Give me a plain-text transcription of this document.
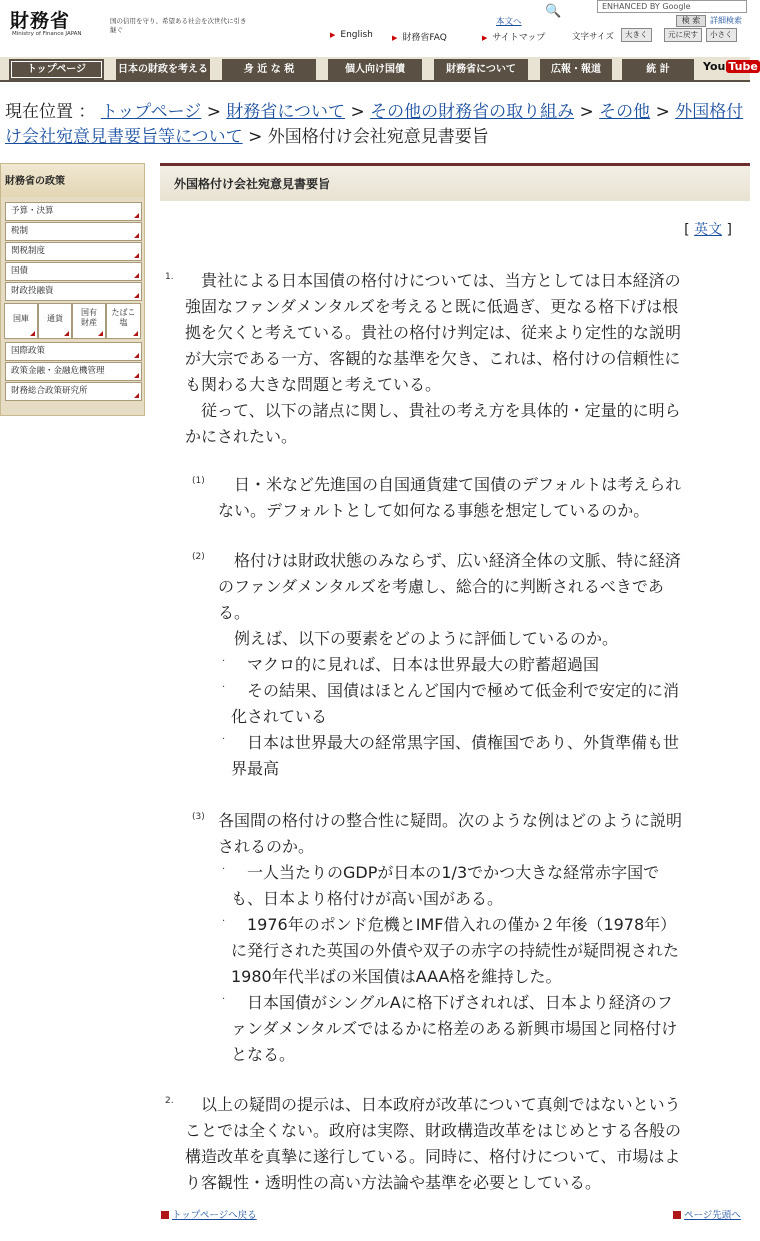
財務省
Ministry of Finance JAPAN
国の信用を守り、希望ある社会を次世代に引き継ぐ
本文へ
🔍	ENHANCED BY Google
検 索	詳細検索
▶ English	▶ 財務省FAQ	▶ サイトマップ	文字サイズ	大きく	元に戻す	小さく
トップページ	日本の財政を考える	身 近 な 税	個人向け国債	財務省について	広報・報道	統 計	You Tube
現在位置 ： トップページ > 財務省について > その他の財務省の取り組み > その他 > 外国格付け会社宛意見書要旨等について > 外国格付け会社宛意見書要旨
財務省の政策
予算・決算
税制
関税制度
国債
財政投融資
国際政策
政策金融・金融危機管理
財務総合政策研究所
国庫	通貨
国有
財産
たばこ
塩
外国格付け会社宛意見書要旨
[ 英文 ]
1. 　貴社による日本国債の格付けについては、当方としては日本経済の
強固なファンダメンタルズを考えると既に低過ぎ、更なる格下げは根
拠を欠くと考えている。貴社の格付け判定は、従来より定性的な説明
が大宗である一方、客観的な基準を欠き、これは、格付けの信頼性に
も関わる大きな問題と考えている。
　従って、以下の諸点に関し、貴社の考え方を具体的・定量的に明ら
かにされたい。
(1) 　日・米など先進国の自国通貨建て国債のデフォルトは考えられ
ない。デフォルトとして如何なる事態を想定しているのか。
(2) 　格付けは財政状態のみならず、広い経済全体の文脈、特に経済
のファンダメンタルズを考慮し、総合的に判断されるべきであ
る。
　例えば、以下の要素をどのように評価しているのか。
· 　マクロ的に見れば、日本は世界最大の貯蓄超過国
· 　その結果、国債はほとんど国内で極めて低金利で安定的に消
化されている
· 　日本は世界最大の経常黒字国、債権国であり、外貨準備も世
界最高
(3) 各国間の格付けの整合性に疑問。次のような例はどのように説明
されるのか。
· 　一人当たりのGDPが日本の1/3でかつ大きな経常赤字国で
も、日本より格付けが高い国がある。
· 　1976年のポンド危機とIMF借入れの僅か２年後（1978年）
に発行された英国の外債や双子の赤字の持続性が疑問視された
1980年代半ばの米国債はAAA格を維持した。
· 　日本国債がシングルAに格下げされれば、日本より経済のフ
ァンダメンタルズではるかに格差のある新興市場国と同格付け
となる。
2. 　以上の疑問の提示は、日本政府が改革について真剣ではないという
ことでは全くない。政府は実際、財政構造改革をはじめとする各般の
構造改革を真摯に遂行している。同時に、格付けについて、市場はよ
り客観性・透明性の高い方法論や基準を必要としている。
トップページへ戻る	ページ先頭へ
